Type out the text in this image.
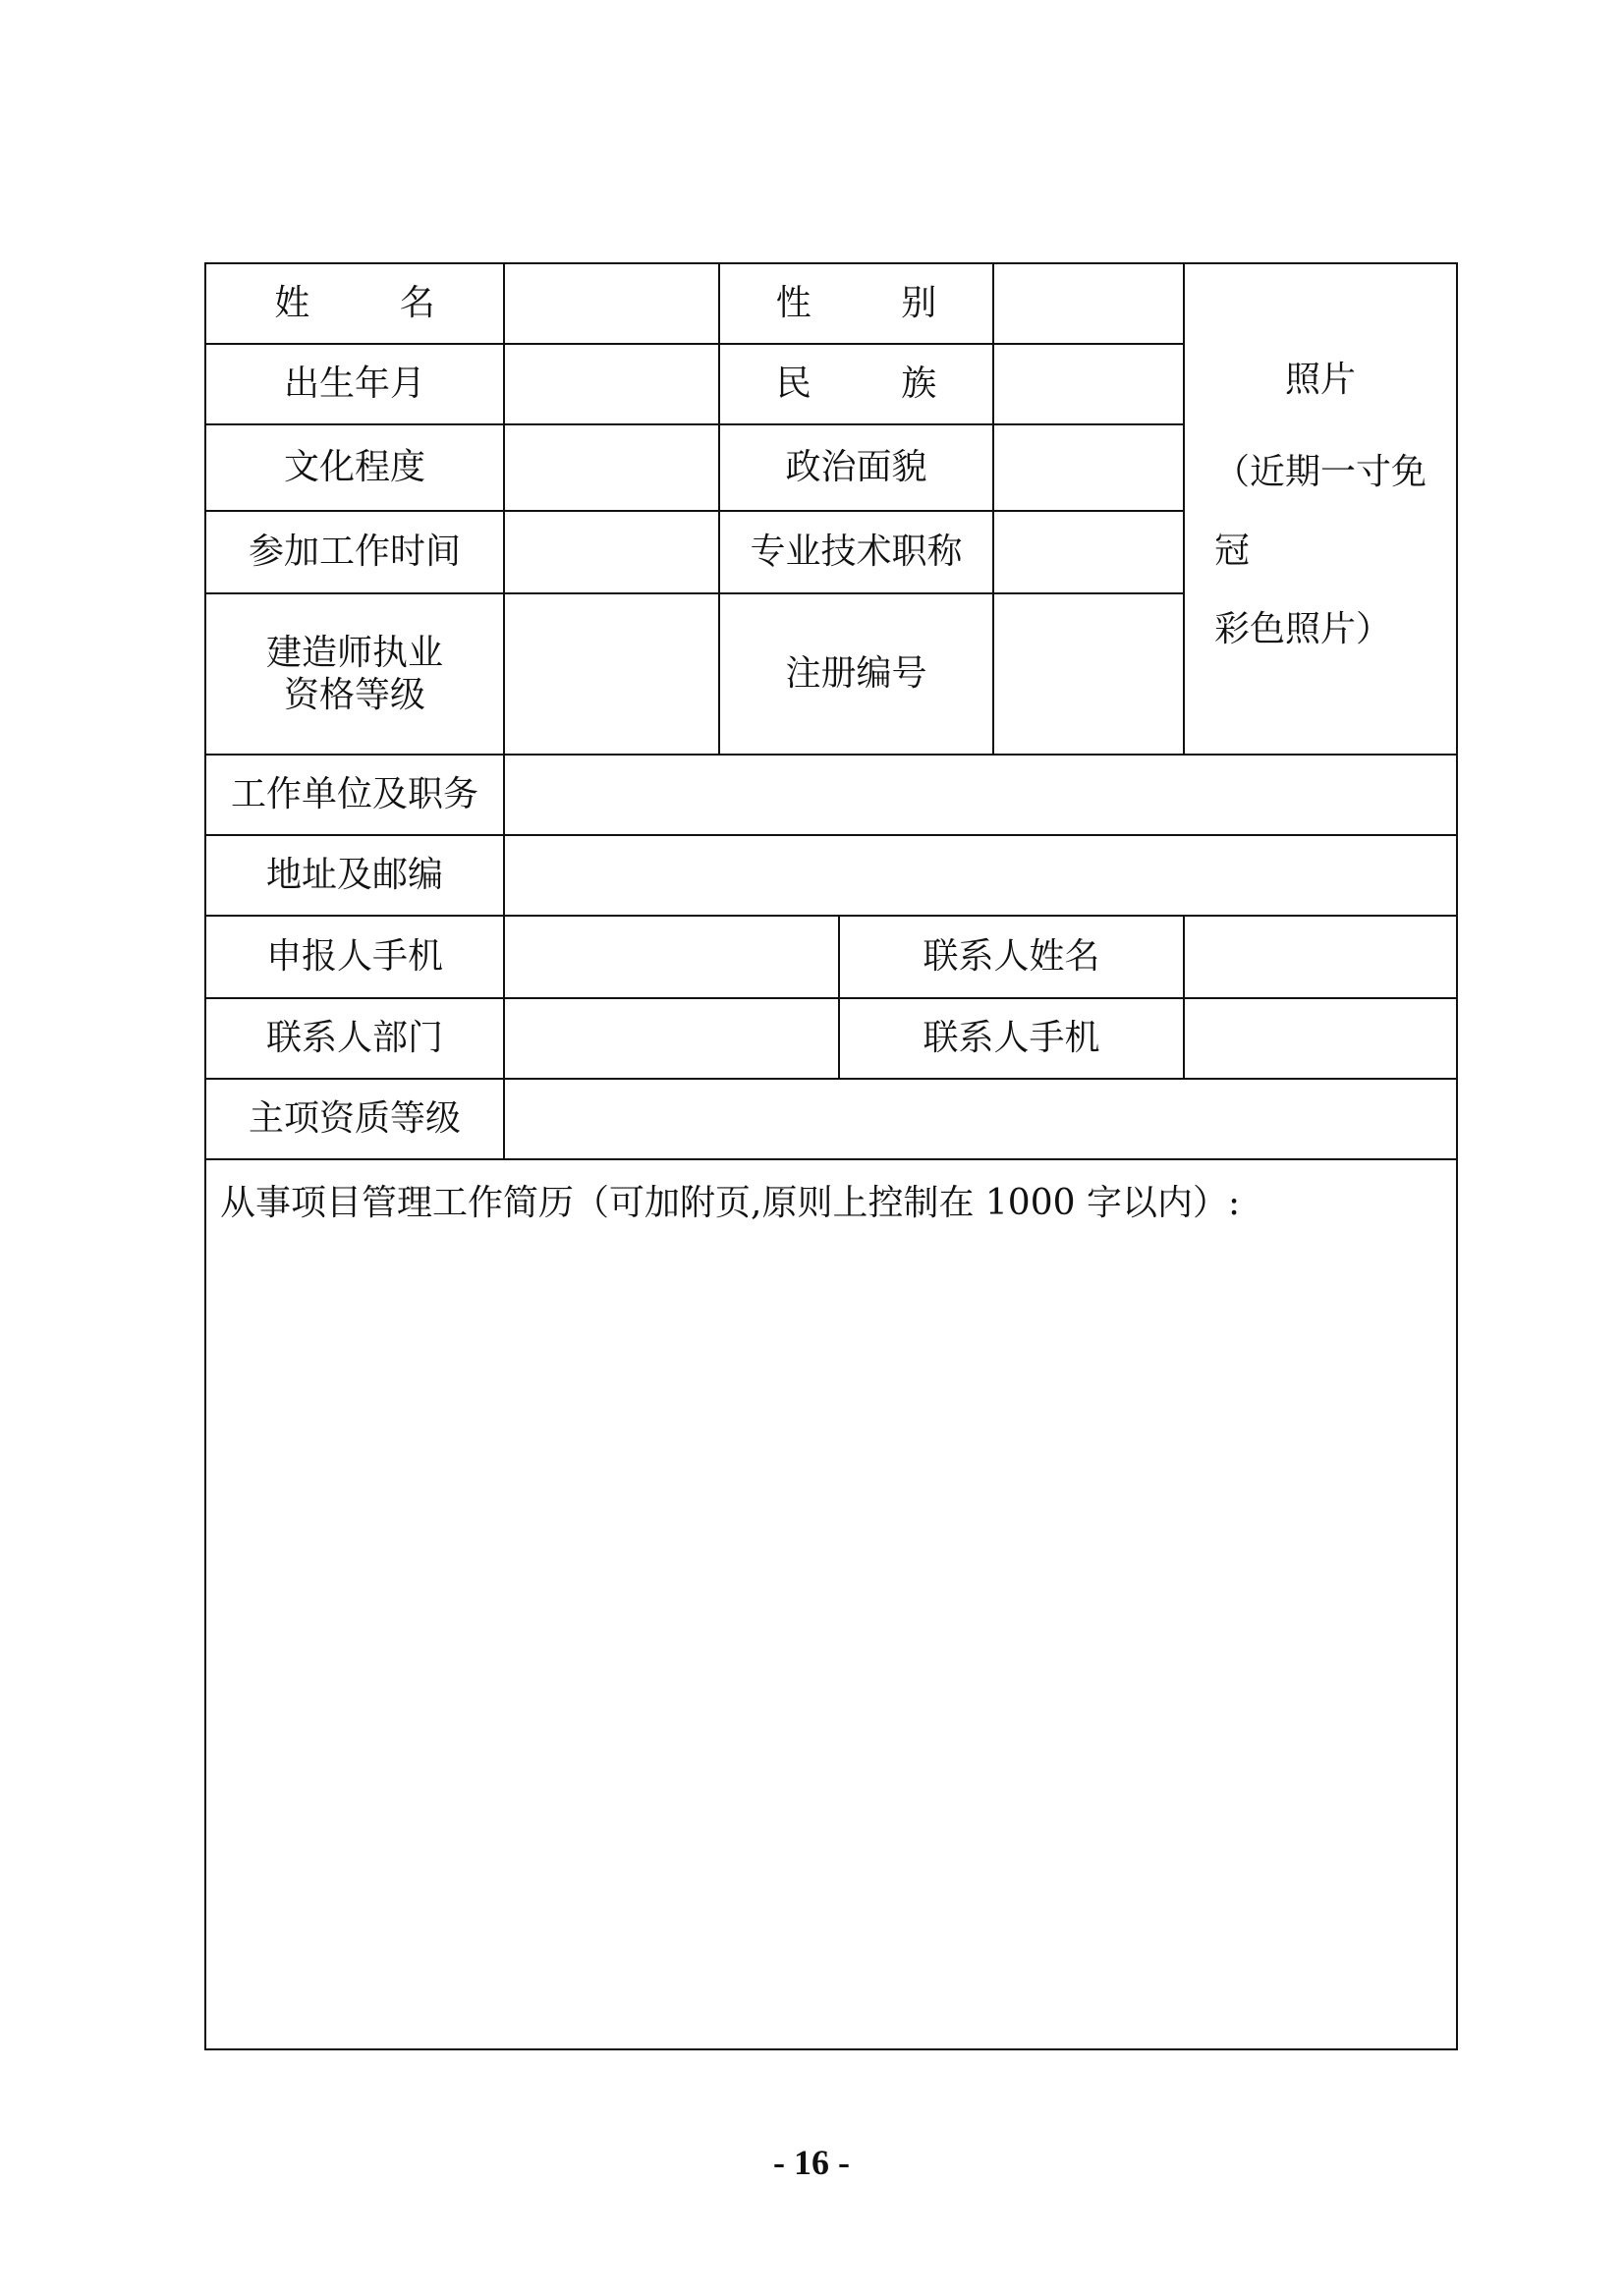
姓 名		性 别			照片
（近期一寸免冠
彩色照片）

出生年月		民 族			
文化程度		政治面貌			
参加工作时间		专业技术职称			
建造师执业
资格等级		注册编号			
工作单位及职务					
地址及邮编					
申报人手机			联系人姓名		
联系人部门			联系人手机		
主项资质等级					

从事项目管理工作简历（可加附页,原则上控制在 1000 字以内）:					
- 16 -
